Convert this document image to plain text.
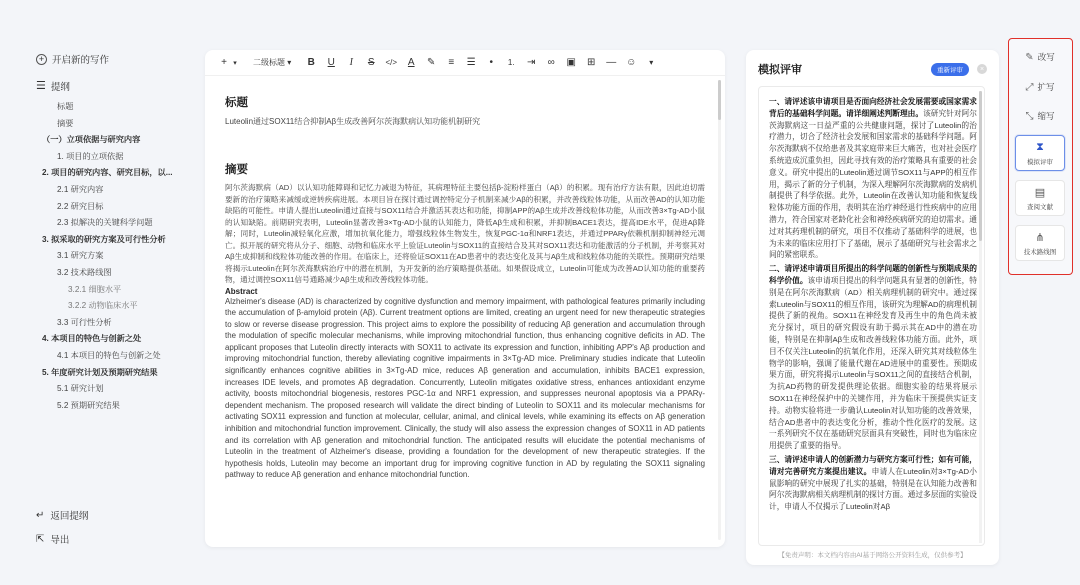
+ 开启新的写作
☰ 提纲
标题
摘要
（一）立项依据与研究内容
1. 项目的立项依据
2. 项目的研究内容、研究目标，以...
2.1 研究内容
2.2 研究目标
2.3 拟解决的关键科学问题
3. 拟采取的研究方案及可行性分析
3.1 研究方案
3.2 技术路线图
3.2.1 细胞水平
3.2.2 动物临床水平
3.3 可行性分析
4. 本项目的特色与创新之处
4.1 本项目的特色与创新之处
5. 年度研究计划及预期研究结果
5.1 研究计划
5.2 预期研究结果
↵ 返回提纲
⇱ 导出
+ ▾ 二级标题 ▾	B	U	I	S	</>	A	✎	≡	☰	•	1.	⇥	∞	▣	⊞	— ☺	▾
标题
Luteolin通过SOX11结合抑制Aβ生成改善阿尔茨海默病认知功能机制研究
摘要
阿尔茨海默病（AD）以认知功能障碍和记忆力减退为特征，其病理特征主要包括β-淀粉样蛋白（Aβ）的积累。现有治疗方法有限，因此迫切需要新的治疗策略来减缓或逆转疾病进展。本项目旨在探讨通过调控特定分子机制来减少Aβ的积累，并改善线粒体功能，从而改善AD的认知功能缺陷的可能性。申请人提出Luteolin通过直接与SOX11结合并激活其表达和功能，抑制APP的Aβ生成并改善线粒体功能，从而改善3×Tg-AD小鼠的认知缺陷。前期研究表明，Luteolin显著改善3×Tg-AD小鼠的认知能力，降低Aβ生成和积累，并抑制BACE1表达，提高IDE水平，促进Aβ降解；同时，Luteolin减轻氧化应激，增加抗氧化能力，增强线粒体生物发生，恢复PGC-1α和NRF1表达，并通过PPARγ依赖机制抑制神经元凋亡。拟开展的研究将从分子、细胞、动物和临床水平上验证Luteolin与SOX11的直接结合及其对SOX11表达和功能激活的分子机制，并考察其对Aβ生成抑制和线粒体功能改善的作用。在临床上，还将验证SOX11在AD患者中的表达变化及其与Aβ生成和线粒体功能的关联性。预期研究结果将揭示Luteolin在阿尔茨海默病治疗中的潜在机制，为开发新的治疗策略提供基础。如果假设成立，Luteolin可能成为改善AD认知功能的重要药物，通过调控SOX11信号通路减少Aβ生成和改善线粒体功能。
Abstract
Alzheimer's disease (AD) is characterized by cognitive dysfunction and memory impairment, with pathological features primarily including the accumulation of β-amyloid protein (Aβ). Current treatment options are limited, creating an urgent need for new therapeutic strategies to slow or reverse disease progression. This project aims to explore the possibility of reducing Aβ generation and accumulation through the modulation of specific molecular mechanisms, while improving mitochondrial function, thus enhancing cognitive deficits in AD. The applicant proposes that Luteolin directly interacts with SOX11 to activate its expression and function, inhibiting APP's Aβ production and improving mitochondrial function, thereby alleviating cognitive impairments in 3×Tg-AD mice. Preliminary studies indicate that Luteolin significantly enhances cognitive abilities in 3×Tg-AD mice, reduces Aβ generation and accumulation, inhibits BACE1 expression, increases IDE levels, and promotes Aβ degradation. Concurrently, Luteolin mitigates oxidative stress, enhances antioxidant enzyme activity, boosts mitochondrial biogenesis, restores PGC-1α and NRF1 expression, and suppresses neuronal apoptosis via a PPARγ-dependent mechanism. The proposed research will validate the direct binding of Luteolin to SOX11 and its molecular mechanisms for activating SOX11 expression and function at molecular, cellular, animal, and clinical levels, while examining its effects on Aβ generation inhibition and mitochondrial function improvement. Clinically, the study will also assess the expression changes of SOX11 in AD patients and its correlation with Aβ generation and mitochondrial function. The anticipated results will elucidate the potential mechanisms of Luteolin in the treatment of Alzheimer's disease, providing a foundation for the development of new therapeutic strategies. If the hypothesis holds, Luteolin may become an important drug for improving cognitive function in AD by regulating the SOX11 signaling pathway to reduce Aβ generation and enhance mitochondrial function.
模拟评审	重新评审	×

一、请评述该申请项目是否面向经济社会发展需要或国家需求背后的基础科学问题。请详细阐述判断理由。该研究针对阿尔茨海默病这一日益严重的公共健康问题，探讨了Luteolin的治疗潜力，切合了经济社会发展和国家需求的基础科学问题。阿尔茨海默病不仅给患者及其家庭带来巨大痛苦，也对社会医疗系统造成沉重负担，因此寻找有效的治疗策略具有重要的社会意义。研究中提出的Luteolin通过调节SOX11与APP的相互作用，揭示了新的分子机制，为深入理解阿尔茨海默病的发病机制提供了科学依据。此外，Luteolin在改善认知功能和恢复线粒体功能方面的作用，表明其在治疗神经退行性疾病中的应用潜力，符合国家对老龄化社会和神经疾病研究的迫切需求。通过对其药理机制的研究，项目不仅推动了基础科学的进展，也为未来的临床应用打下了基础，展示了基础研究与社会需求之间的紧密联系。

二、请评述申请项目所提出的科学问题的创新性与预期成果的科学价值。该申请项目提出的科学问题具有显著的创新性，特别是在阿尔茨海默病（AD）相关病理机制的研究中。通过探索Luteolin与SOX11的相互作用，该研究为理解AD的病理机制提供了新的视角。SOX11在神经发育及再生中的角色尚未被充分探讨，项目的研究假设有助于揭示其在AD中的潜在功能，特别是在抑制Aβ生成和改善线粒体功能方面。此外，项目不仅关注Luteolin的抗氧化作用，还深入研究其对线粒体生物学的影响，强调了能量代谢在AD进展中的重要性。预期成果方面，研究将揭示Luteolin与SOX11之间的直接结合机制，为抗AD药物的研发提供理论依据。细胞实验的结果将展示SOX11在神经保护中的关键作用，并为临床干预提供实证支持。动物实验将进一步确认Luteolin对认知功能的改善效果，结合AD患者中的表达变化分析，推动个性化医疗的发展。这一系列研究不仅在基础研究层面具有突破性，同时也为临床应用提供了重要的指导。

三、请评述申请人的创新潜力与研究方案可行性；如有可能，请对完善研究方案提出建议。申请人在Luteolin对3×Tg-AD小鼠影响的研究中展现了扎实的基础，特别是在认知能力改善和阿尔茨海默病相关病理机制的探讨方面。通过多层面的实验设计，申请人不仅揭示了Luteolin对Aβ

【免责声明：本文档内容由AI基于网络公开资料生成，仅供参考】
✎ 改写
⤢ 扩写
⤡ 缩写
⧗
模拟评审
▤
查阅文献
⋔
技术路线图
